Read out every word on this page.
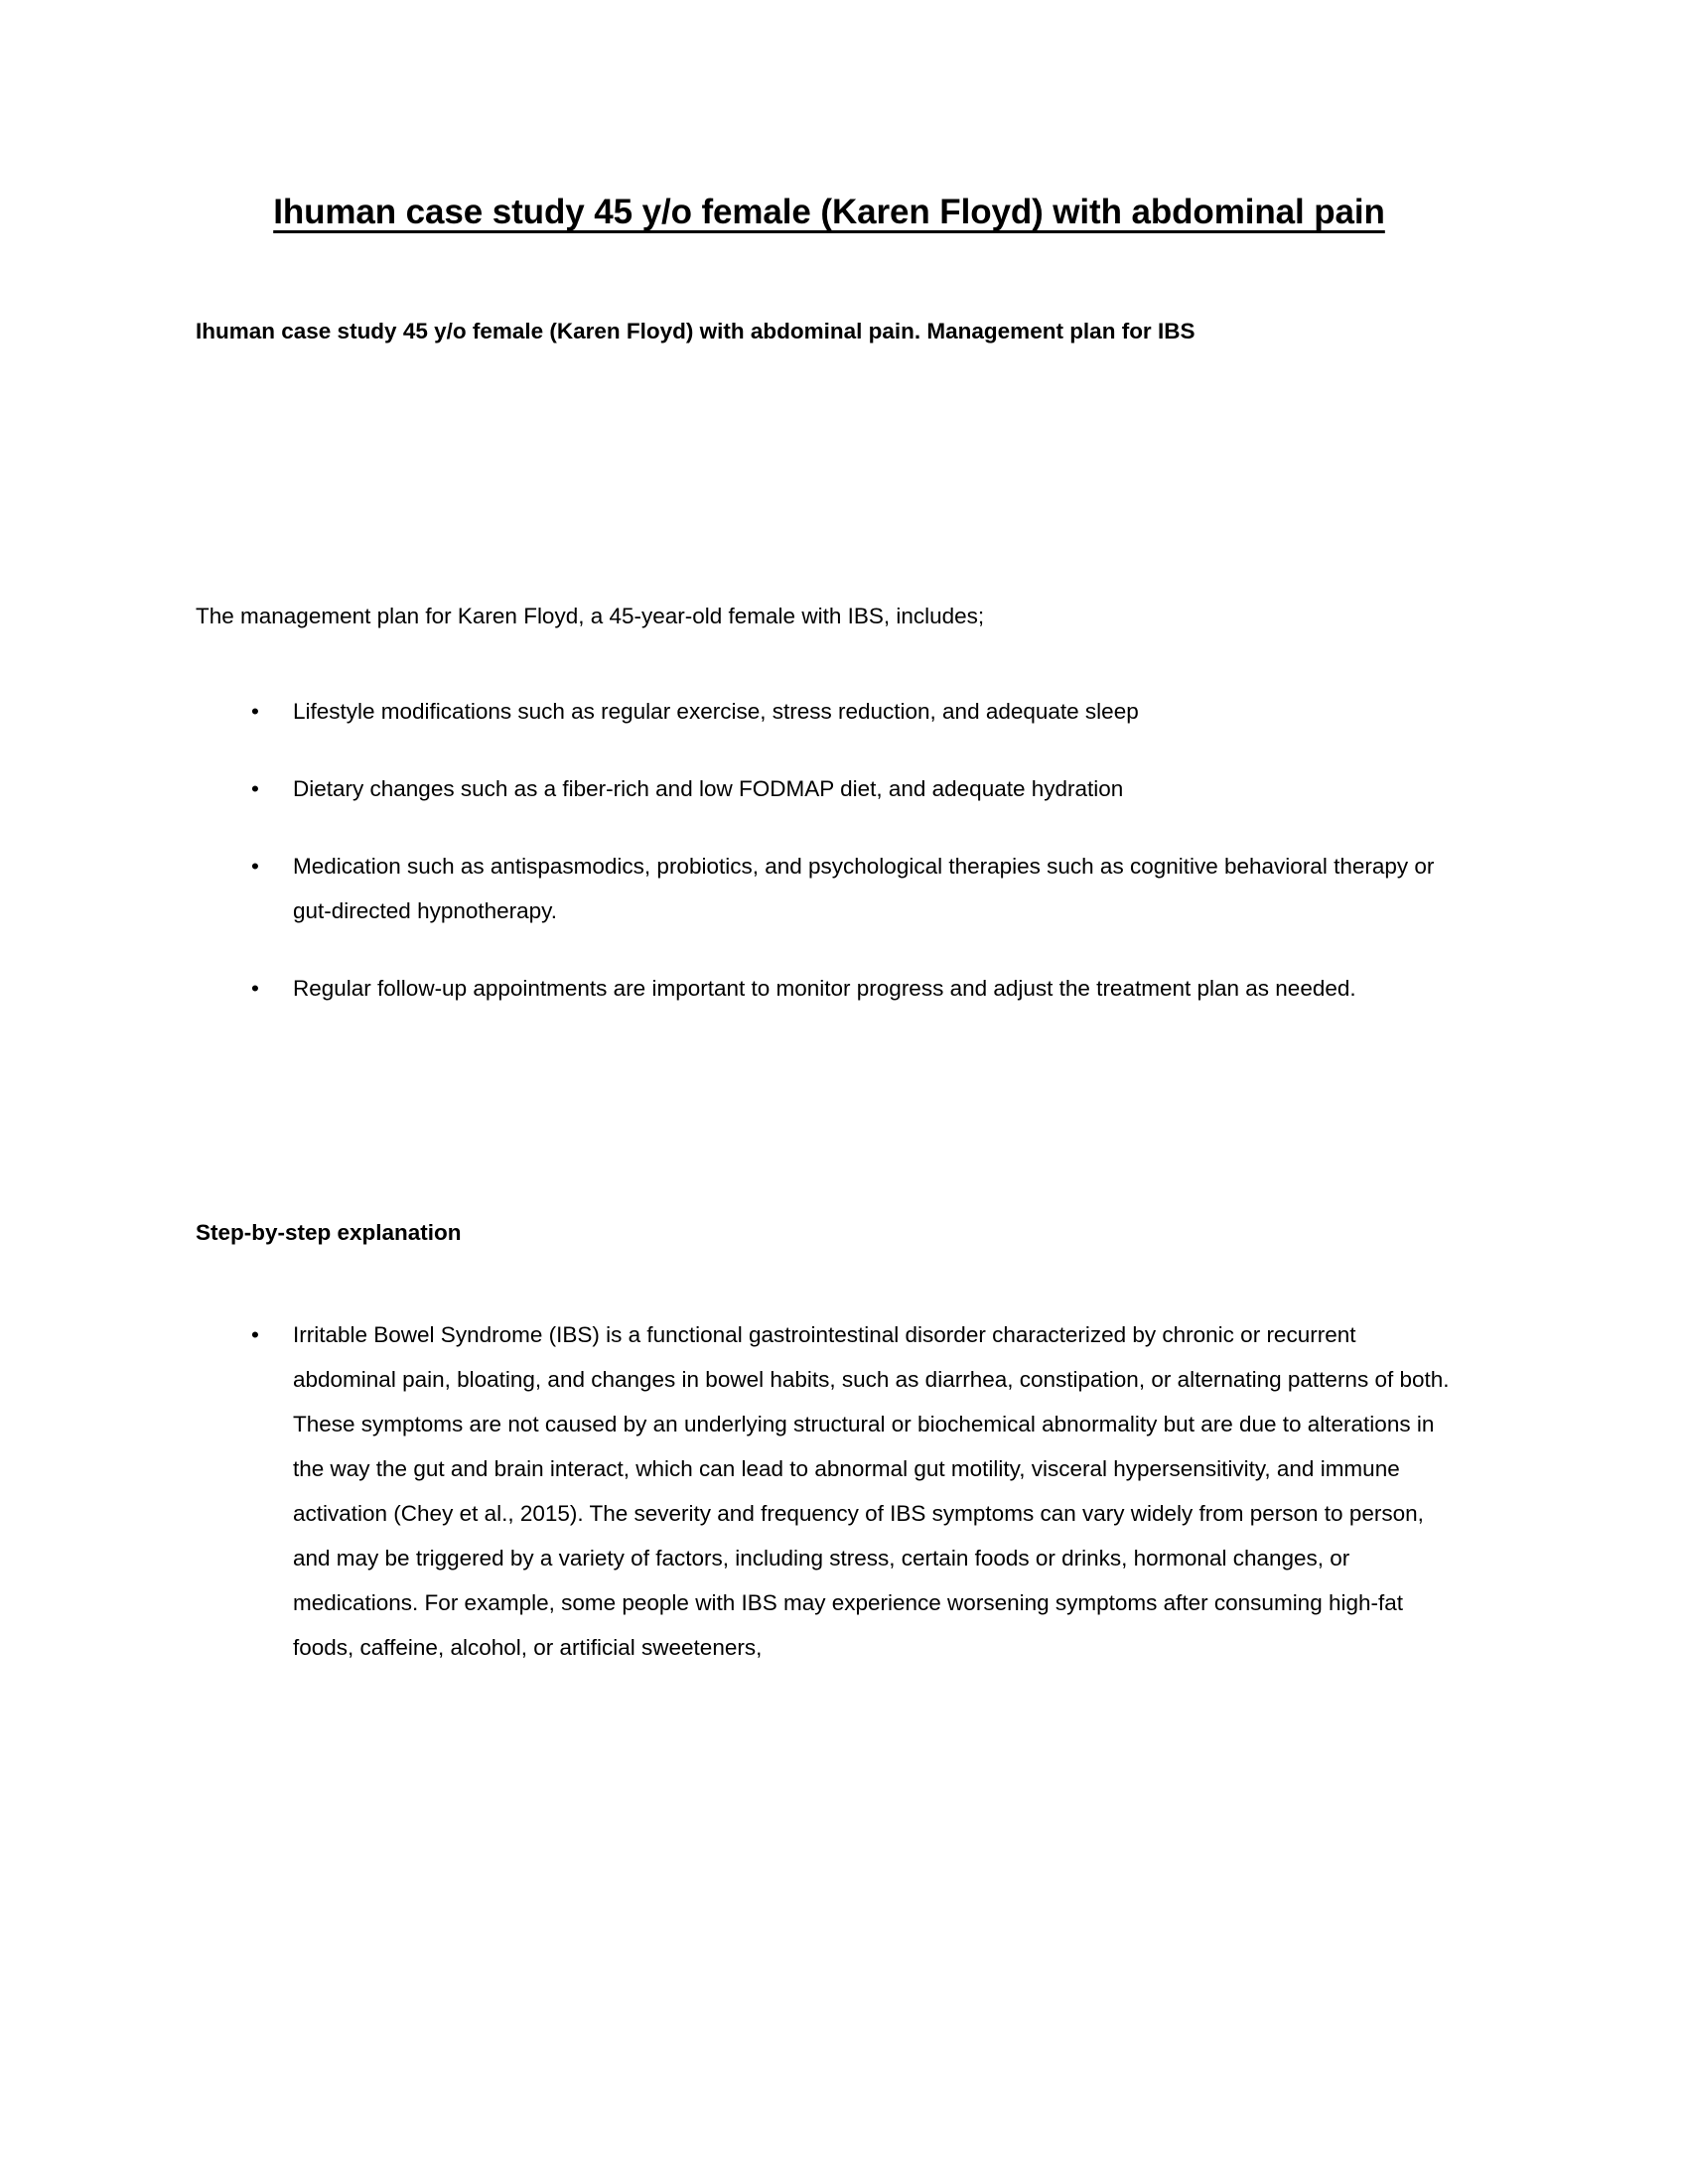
Ihuman case study 45 y/o female (Karen Floyd) with abdominal pain

Ihuman case study 45 y/o female (Karen Floyd) with abdominal pain. Management plan for IBS

The management plan for Karen Floyd, a 45-year-old female with IBS, includes;

•	Lifestyle modifications such as regular exercise, stress reduction, and adequate sleep
•	Dietary changes such as a fiber-rich and low FODMAP diet, and adequate hydration
•	Medication such as antispasmodics, probiotics, and psychological therapies such as cognitive behavioral therapy or gut-directed hypnotherapy.
•	Regular follow-up appointments are important to monitor progress and adjust the treatment plan as needed.

Step-by-step explanation

•	Irritable Bowel Syndrome (IBS) is a functional gastrointestinal disorder characterized by chronic or recurrent abdominal pain, bloating, and changes in bowel habits, such as diarrhea, constipation, or alternating patterns of both. These symptoms are not caused by an underlying structural or biochemical abnormality but are due to alterations in the way the gut and brain interact, which can lead to abnormal gut motility, visceral hypersensitivity, and immune activation (Chey et al., 2015). The severity and frequency of IBS symptoms can vary widely from person to person, and may be triggered by a variety of factors, including stress, certain foods or drinks, hormonal changes, or medications. For example, some people with IBS may experience worsening symptoms after consuming high-fat foods, caffeine, alcohol, or artificial sweeteners,
